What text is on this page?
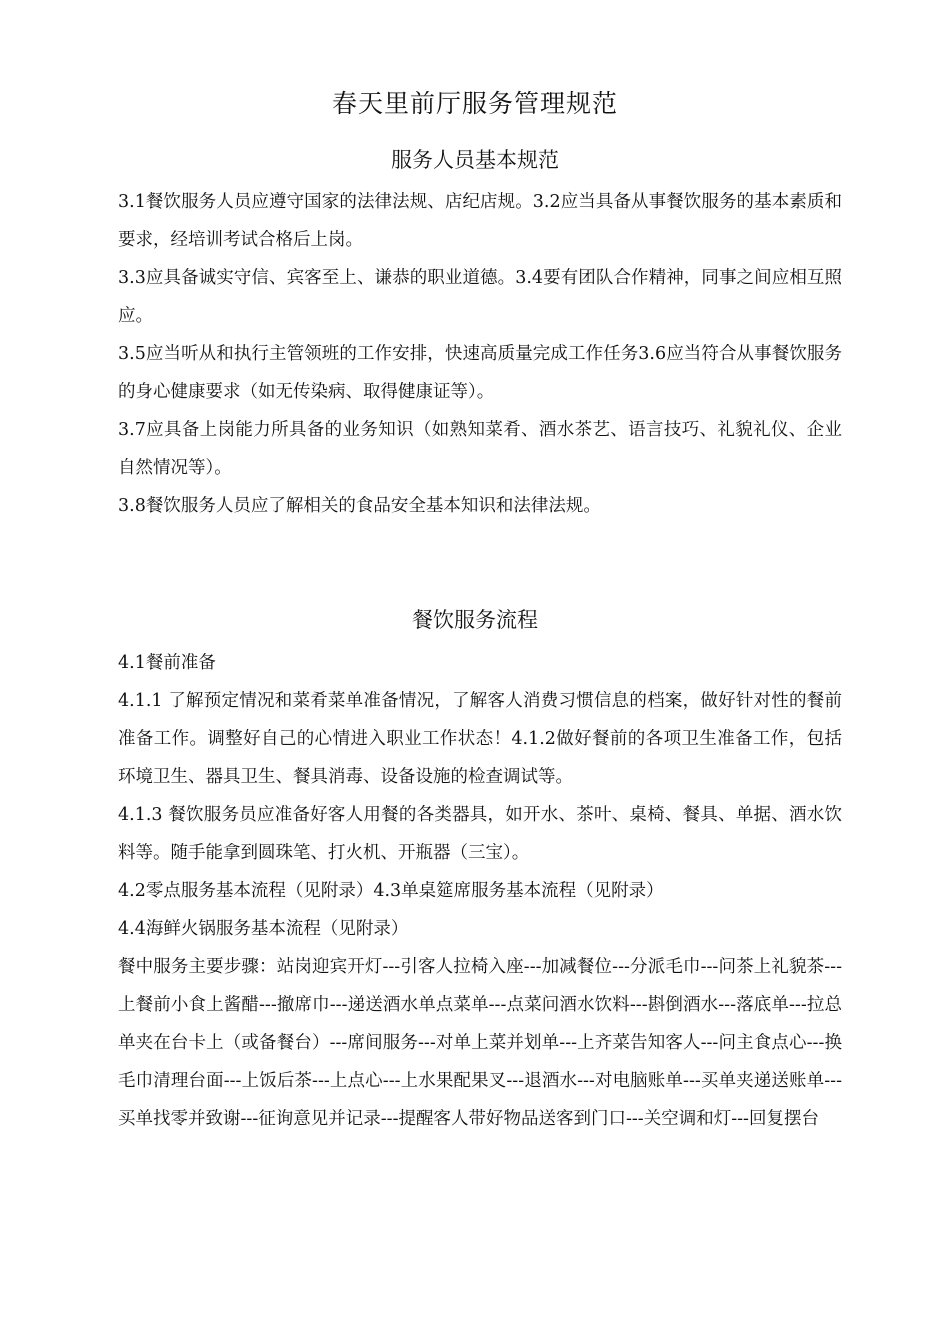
春天里前厅服务管理规范
服务人员基本规范

3.1餐饮服务人员应遵守国家的法律法规、店纪店规。3.2应当具备从事餐饮服务的基本素质和要求，经培训考试合格后上岗。

3.3应具备诚实守信、宾客至上、谦恭的职业道德。3.4要有团队合作精神，同事之间应相互照应。

3.5应当听从和执行主管领班的工作安排，快速高质量完成工作任务3.6应当符合从事餐饮服务的身心健康要求（如无传染病、取得健康证等）。

3.7应具备上岗能力所具备的业务知识（如熟知菜肴、酒水茶艺、语言技巧、礼貌礼仪、企业自然情况等）。

3.8餐饮服务人员应了解相关的食品安全基本知识和法律法规。

餐饮服务流程

4.1餐前准备

4.1.1 了解预定情况和菜肴菜单准备情况，了解客人消费习惯信息的档案，做好针对性的餐前准备工作。调整好自己的心情进入职业工作状态！4.1.2做好餐前的各项卫生准备工作，包括环境卫生、器具卫生、餐具消毒、设备设施的检查调试等。

4.1.3 餐饮服务员应准备好客人用餐的各类器具，如开水、茶叶、桌椅、餐具、单据、酒水饮料等。随手能拿到圆珠笔、打火机、开瓶器（三宝）。

4.2零点服务基本流程（见附录）4.3单桌筵席服务基本流程（见附录）

4.4海鲜火锅服务基本流程（见附录）

餐中服务主要步骤：站岗迎宾开灯---引客人拉椅入座---加减餐位---分派毛巾---问茶上礼貌茶---上餐前小食上酱醋---撤席巾---递送酒水单点菜单---点菜问酒水饮料---斟倒酒水---落底单---拉总单夹在台卡上（或备餐台）---席间服务---对单上菜并划单---上齐菜告知客人---问主食点心---换毛巾清理台面---上饭后茶---上点心---上水果配果叉---退酒水---对电脑账单---买单夹递送账单---买单找零并致谢---征询意见并记录---提醒客人带好物品送客到门口---关空调和灯---回复摆台
